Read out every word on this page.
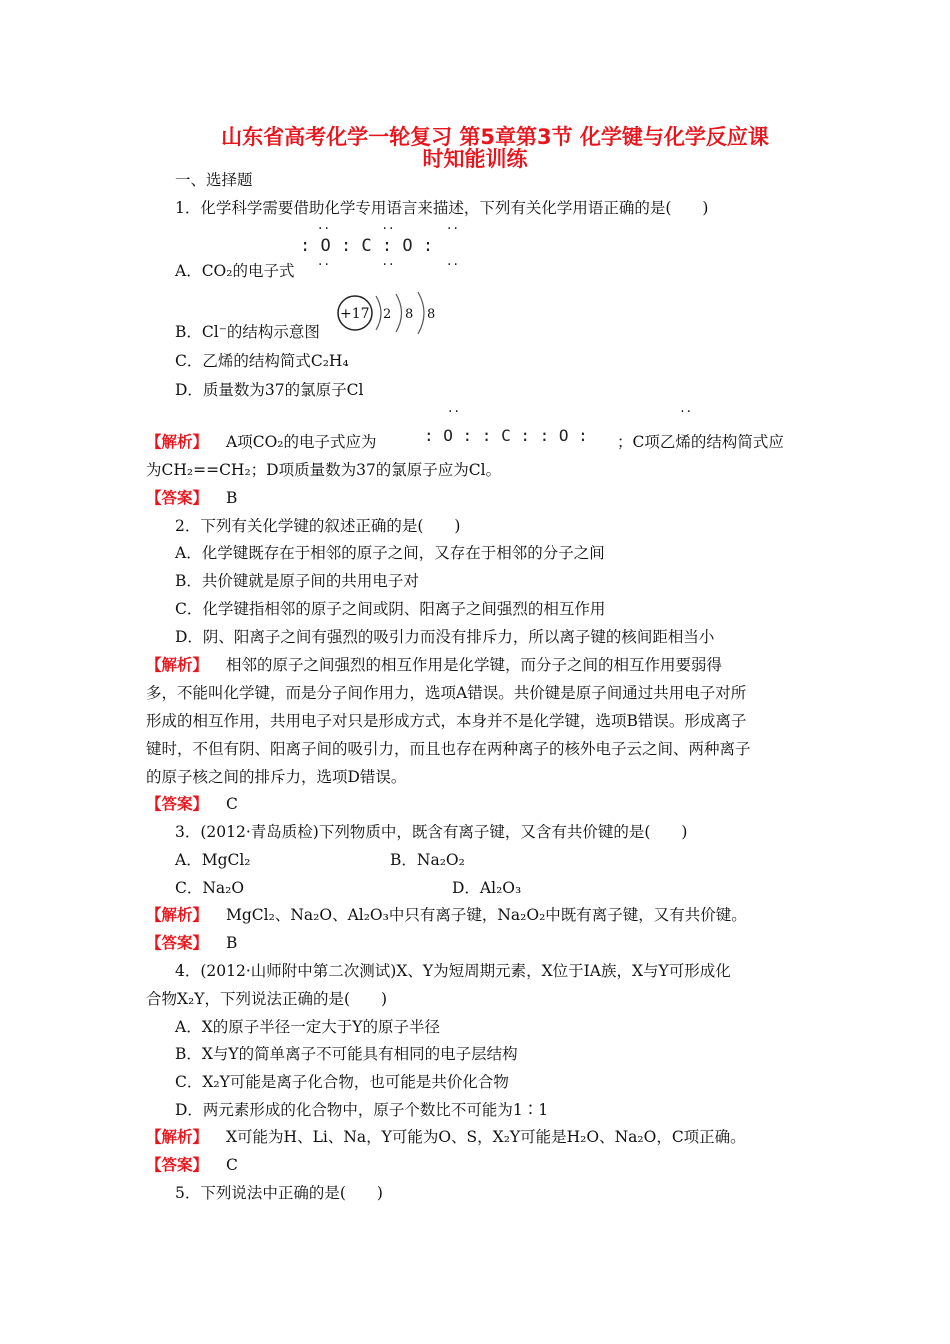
山东省高考化学一轮复习 第5章第3节 化学键与化学反应课
时知能训练
一、选择题
1．化学科学需要借助化学专用语言来描述，下列有关化学用语正确的是(　　)
··        ··        ··
: O : C : O :
··        ··        ··
A．CO₂的电子式
+17 2 8 8
B．Cl⁻的结构示意图
C．乙烯的结构简式C₂H₄
D．质量数为37的氯原子Cl
··                                  ··
【解析】 A项CO₂的电子式应为	: O : : C : : O : ；C项乙烯的结构简式应
为CH₂==CH₂；D项质量数为37的氯原子应为Cl。
【答案】 B
2．下列有关化学键的叙述正确的是(　　)
A．化学键既存在于相邻的原子之间，又存在于相邻的分子之间
B．共价键就是原子间的共用电子对
C．化学键指相邻的原子之间或阴、阳离子之间强烈的相互作用
D．阴、阳离子之间有强烈的吸引力而没有排斥力，所以离子键的核间距相当小
【解析】 相邻的原子之间强烈的相互作用是化学键，而分子之间的相互作用要弱得
多，不能叫化学键，而是分子间作用力，选项A错误。共价键是原子间通过共用电子对所
形成的相互作用，共用电子对只是形成方式，本身并不是化学键，选项B错误。形成离子
键时，不但有阴、阳离子间的吸引力，而且也存在两种离子的核外电子云之间、两种离子
的原子核之间的排斥力，选项D错误。
【答案】 C
3．(2012·青岛质检)下列物质中，既含有离子键，又含有共价键的是(　　)
A．MgCl₂	B．Na₂O₂
C．Na₂O	D．Al₂O₃
【解析】 MgCl₂、Na₂O、Al₂O₃中只有离子键，Na₂O₂中既有离子键，又有共价键。
【答案】 B
4．(2012·山师附中第二次测试)X、Y为短周期元素，X位于ⅠA族，X与Y可形成化
合物X₂Y，下列说法正确的是(　　)
A．X的原子半径一定大于Y的原子半径
B．X与Y的简单离子不可能具有相同的电子层结构
C．X₂Y可能是离子化合物，也可能是共价化合物
D．两元素形成的化合物中，原子个数比不可能为1∶1
【解析】 X可能为H、Li、Na，Y可能为O、S，X₂Y可能是H₂O、Na₂O，C项正确。
【答案】 C
5．下列说法中正确的是(　　)
